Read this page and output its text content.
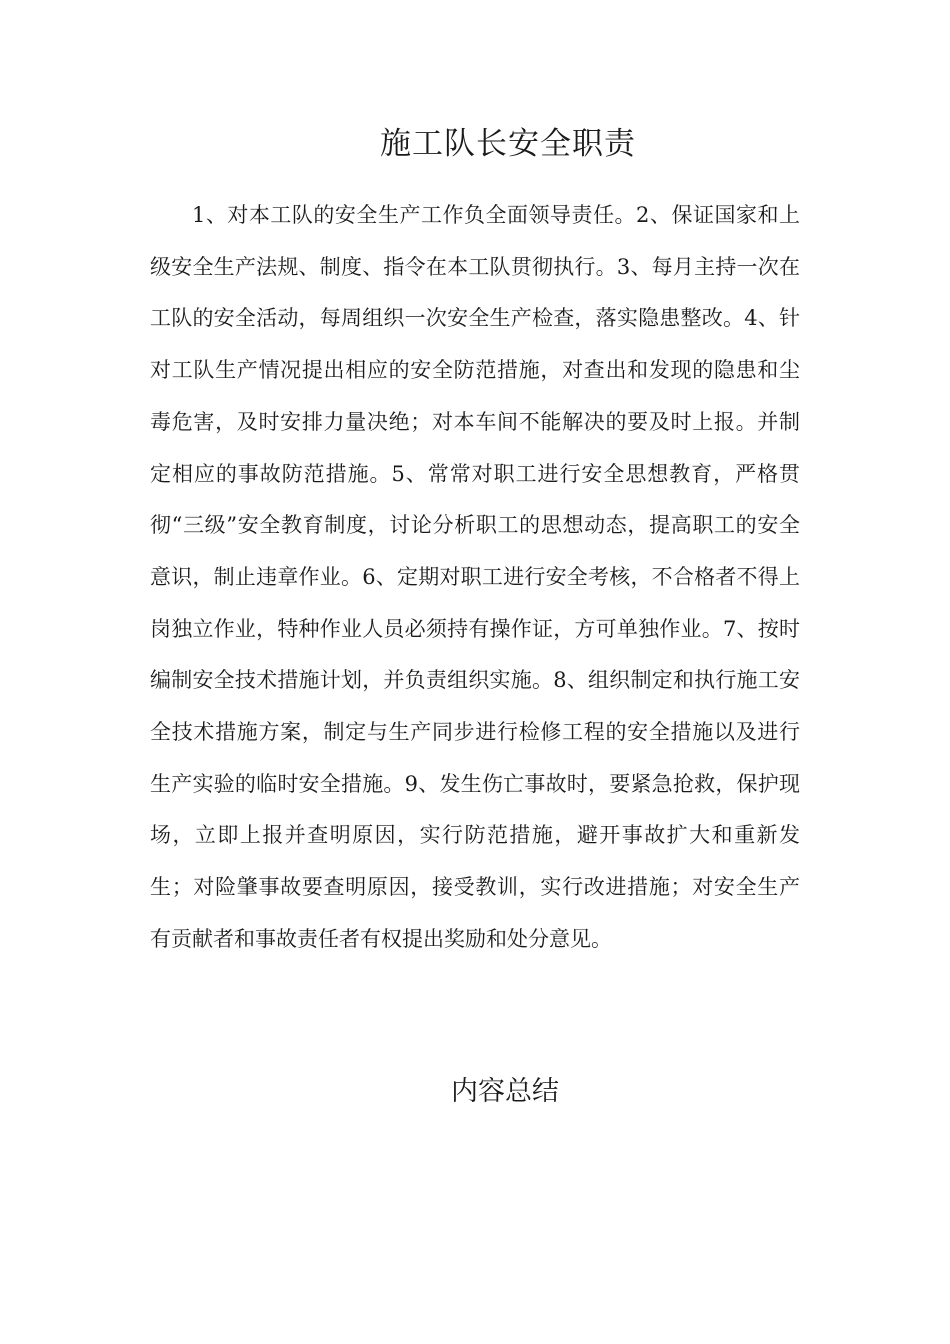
施工队长安全职责

1、对本工队的安全生产工作负全面领导责任。2、保证国家和上级安全生产法规、制度、指令在本工队贯彻执行。3、每月主持一次在工队的安全活动，每周组织一次安全生产检查，落实隐患整改。4、针对工队生产情况提出相应的安全防范措施，对查出和发现的隐患和尘毒危害，及时安排力量决绝；对本车间不能解决的要及时上报。并制定相应的事故防范措施。5、常常对职工进行安全思想教育，严格贯彻“三级”安全教育制度，讨论分析职工的思想动态，提高职工的安全意识，制止违章作业。6、定期对职工进行安全考核，不合格者不得上岗独立作业，特种作业人员必须持有操作证，方可单独作业。7、按时编制安全技术措施计划，并负责组织实施。8、组织制定和执行施工安全技术措施方案，制定与生产同步进行检修工程的安全措施以及进行生产实验的临时安全措施。9、发生伤亡事故时，要紧急抢救，保护现场，立即上报并查明原因，实行防范措施，避开事故扩大和重新发生；对险肇事故要查明原因，接受教训，实行改进措施；对安全生产有贡献者和事故责任者有权提出奖励和处分意见。

内容总结
